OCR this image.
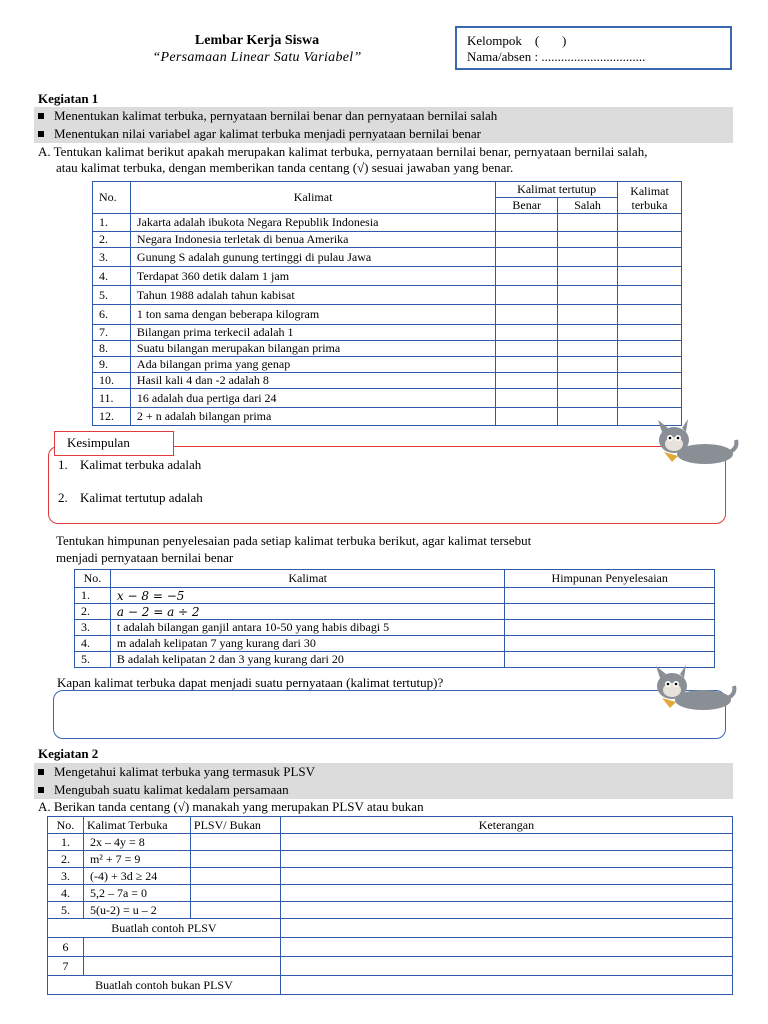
Lembar Kerja Siswa
“Persamaan Linear Satu Variabel”
Kelompok    (       )
Nama/absen : ................................
Kegiatan 1
Menentukan kalimat terbuka, pernyataan bernilai benar dan pernyataan bernilai salah
Menentukan nilai variabel agar kalimat terbuka menjadi pernyataan bernilai benar
A. Tentukan kalimat berikut apakah merupakan kalimat terbuka, pernyataan bernilai benar, pernyataan bernilai salah,
atau kalimat terbuka, dengan memberikan tanda centang (√) sesuai jawaban yang benar.
No.	Kalimat	Kalimat tertutup		Kalimat terbuka
		Benar	Salah	
1.	Jakarta adalah ibukota Negara Republik Indonesia			
2.	Negara Indonesia terletak di benua Amerika			
3.	Gunung S adalah gunung tertinggi di pulau Jawa			
4.	Terdapat 360 detik dalam 1 jam			
5.	Tahun 1988 adalah tahun kabisat			
6.	1 ton sama dengan beberapa kilogram			
7.	Bilangan prima terkecil adalah 1			
8.	Suatu bilangan merupakan bilangan prima			
9.	Ada bilangan prima yang genap			
10.	Hasil kali 4 dan -2 adalah 8			
11.	16 adalah dua pertiga dari 24			
12.	2 + n adalah bilangan prima			
Kesimpulan
1. Kalimat terbuka adalah
2. Kalimat tertutup adalah
Tentukan himpunan penyelesaian pada setiap kalimat terbuka berikut, agar kalimat tersebut
menjadi pernyataan bernilai benar
No.	Kalimat	Himpunan Penyelesaian
1.	x − 8 = −5	
2.	a − 2 = a ÷ 2	
3.	t adalah bilangan ganjil antara 10-50 yang habis dibagi 5	
4.	m adalah kelipatan 7 yang kurang dari 30	
5.	B adalah kelipatan 2 dan 3 yang kurang dari 20	
Kapan kalimat terbuka dapat menjadi suatu pernyataan (kalimat tertutup)?
Kegiatan 2
Mengetahui kalimat terbuka yang termasuk PLSV
Mengubah suatu kalimat kedalam persamaan
A. Berikan tanda centang (√) manakah yang merupakan PLSV atau bukan
No.	Kalimat Terbuka	PLSV/ Bukan	Keterangan
1.	2x – 4y = 8		
2.	m² + 7 = 9		
3.	(-4) + 3d ≥ 24		
4.	5,2 – 7a = 0		
5.	5(u-2) = u – 2		
Buatlah contoh PLSV			
6			
7			
Buatlah contoh bukan PLSV			
